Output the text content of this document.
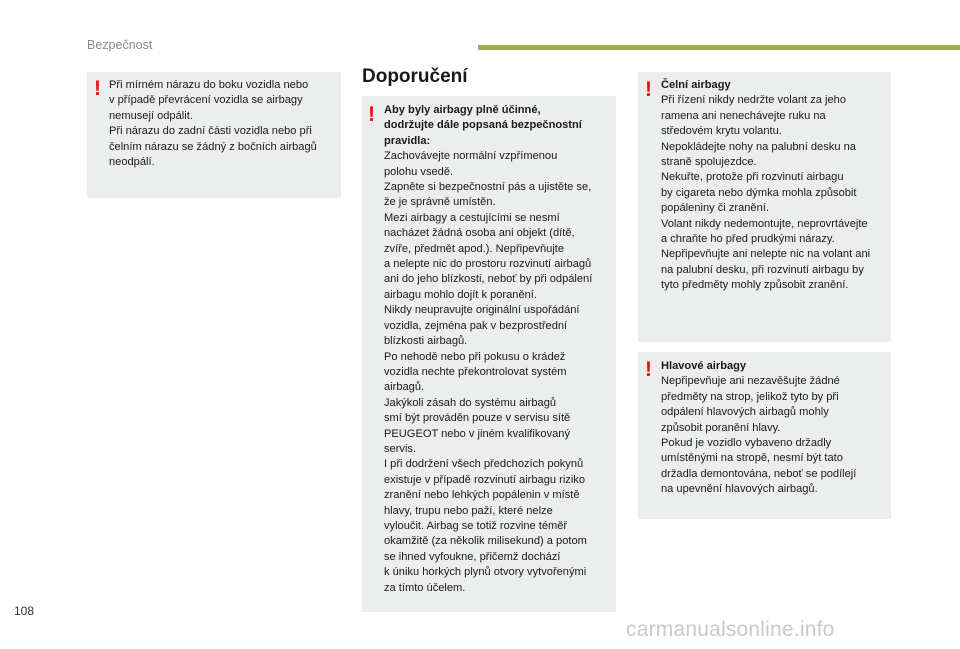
Bezpečnost
! Při mírném nárazu do boku vozidla nebo
v případě převrácení vozidla se airbagy
nemusejí odpálit.
Při nárazu do zadní části vozidla nebo při
čelním nárazu se žádný z bočních airbagů
neodpálí.

Doporučení
! Aby byly airbagy plně účinné,
dodržujte dále popsaná bezpečnostní
pravidla:

Zachovávejte normální vzpřímenou
polohu vsedě.
Zapněte si bezpečnostní pás a ujistěte se,
že je správně umístěn.
Mezi airbagy a cestujícími se nesmí
nacházet žádná osoba ani objekt (dítě,
zvíře, předmět apod.). Nepřipevňujte
a nelepte nic do prostoru rozvinutí airbagů
ani do jeho blízkosti, neboť by při odpálení
airbagu mohlo dojít k poranění.
Nikdy neupravujte originální uspořádání
vozidla, zejména pak v bezprostřední
blízkosti airbagů.
Po nehodě nebo při pokusu o krádež
vozidla nechte překontrolovat systém
airbagů.
Jakýkoli zásah do systému airbagů
smí být prováděn pouze v servisu sítě
PEUGEOT nebo v jiném kvalifikovaný
servis.
I při dodržení všech předchozích pokynů
existuje v případě rozvinutí airbagu riziko
zranění nebo lehkých popálenin v místě
hlavy, trupu nebo paží, které nelze
vyloučit. Airbag se totiž rozvine téměř
okamžitě (za několik milisekund) a potom
se ihned vyfoukne, přičemž dochází
k úniku horkých plynů otvory vytvořenými
za tímto účelem.

! Čelní airbagy

Při řízení nikdy nedržte volant za jeho
ramena ani nenechávejte ruku na
středovém krytu volantu.
Nepokládejte nohy na palubní desku na
straně spolujezdce.
Nekuřte, protože při rozvinutí airbagu
by cigareta nebo dýmka mohla způsobit
popáleniny či zranění.
Volant nikdy nedemontujte, neprovrtávejte
a chraňte ho před prudkými nárazy.
Nepřipevňujte ani nelepte nic na volant ani
na palubní desku, při rozvinutí airbagu by
tyto předměty mohly způsobit zranění.

! Hlavové airbagy

Nepřipevňuje ani nezavěšujte žádné
předměty na strop, jelikož tyto by při
odpálení hlavových airbagů mohly
způsobit poranění hlavy.
Pokud je vozidlo vybaveno držadly
umístěnými na stropě, nesmí být tato
držadla demontována, neboť se podílejí
na upevnění hlavových airbagů.

108
carmanualsonline.info
